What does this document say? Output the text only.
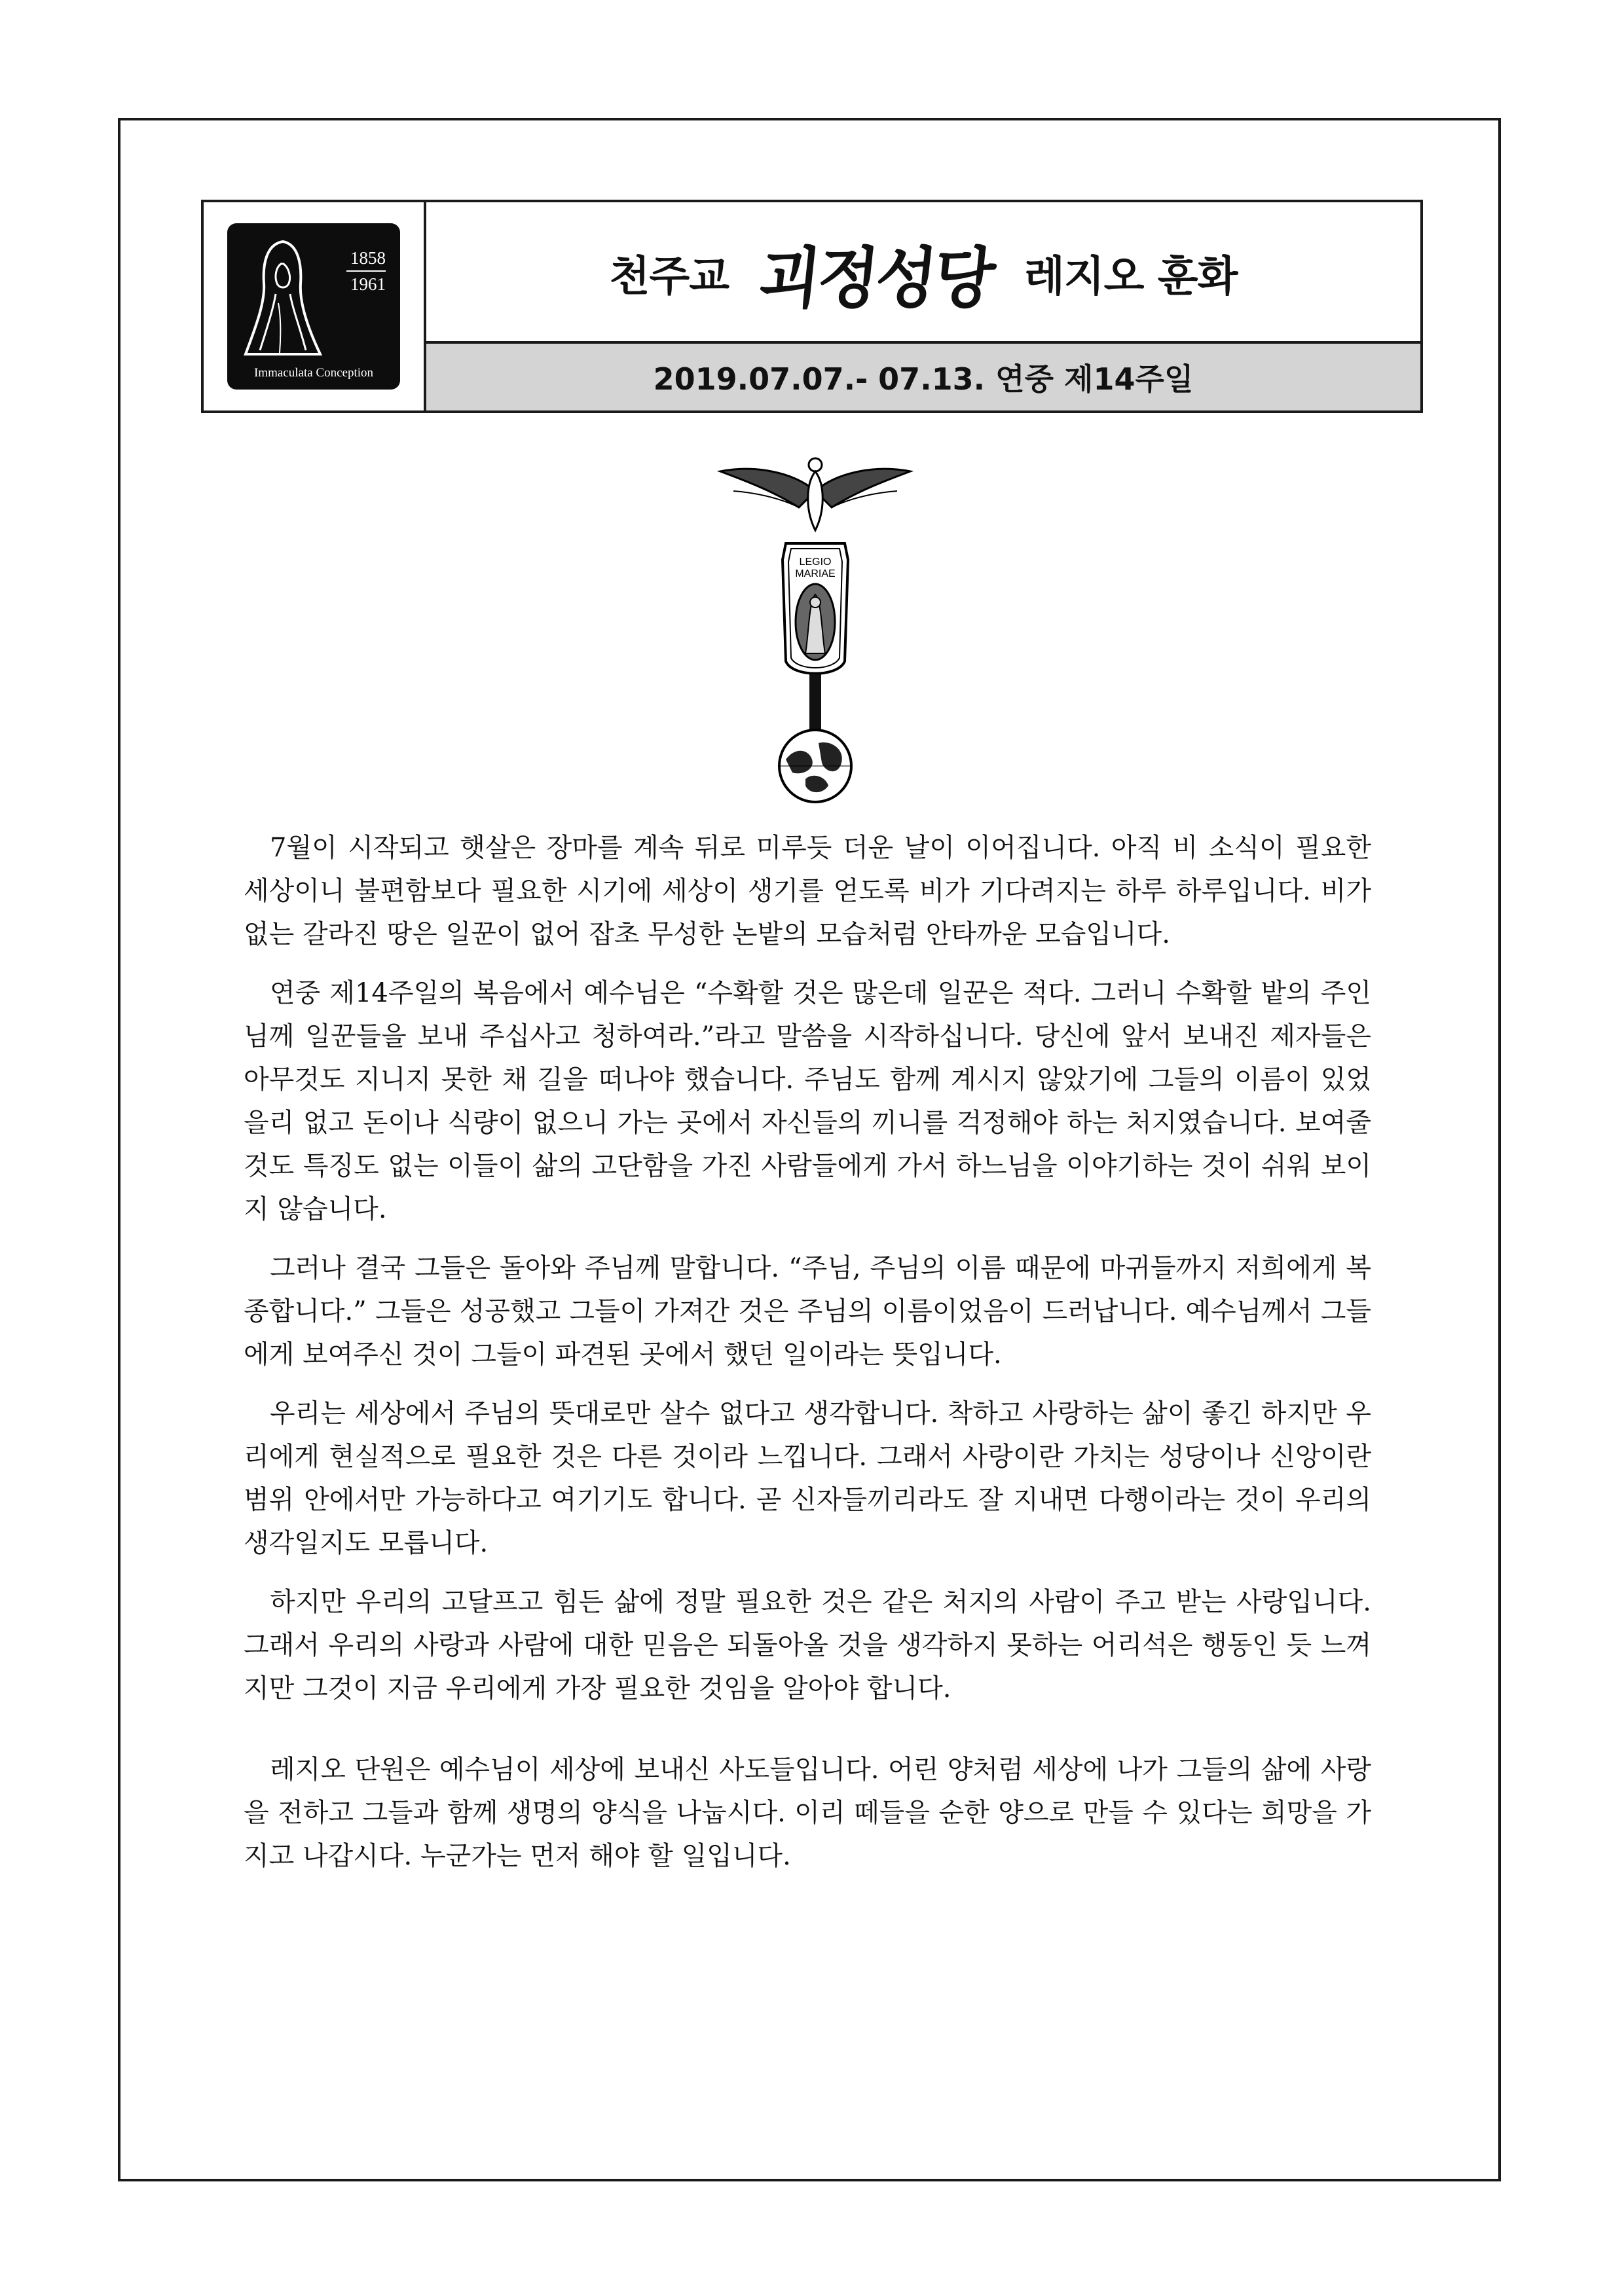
1858
1961
Immaculata Conception
천주교 괴정성당 레지오 훈화
2019.07.07.- 07.13. 연중 제14주일
LEGIO
MARIAE

7월이 시작되고 햇살은 장마를 계속 뒤로 미루듯 더운 날이 이어집니다. 아직 비 소식이 필요한 세상이니 불편함보다 필요한 시기에 세상이 생기를 얻도록 비가 기다려지는 하루 하루입니다. 비가 없는 갈라진 땅은 일꾼이 없어 잡초 무성한 논밭의 모습처럼 안타까운 모습입니다.

연중 제14주일의 복음에서 예수님은 “수확할 것은 많은데 일꾼은 적다. 그러니 수확할 밭의 주인님께 일꾼들을 보내 주십사고 청하여라.”라고 말씀을 시작하십니다. 당신에 앞서 보내진 제자들은 아무것도 지니지 못한 채 길을 떠나야 했습니다. 주님도 함께 계시지 않았기에 그들의 이름이 있었을리 없고 돈이나 식량이 없으니 가는 곳에서 자신들의 끼니를 걱정해야 하는 처지였습니다. 보여줄 것도 특징도 없는 이들이 삶의 고단함을 가진 사람들에게 가서 하느님을 이야기하는 것이 쉬워 보이지 않습니다.

그러나 결국 그들은 돌아와 주님께 말합니다. “주님, 주님의 이름 때문에 마귀들까지 저희에게 복종합니다.” 그들은 성공했고 그들이 가져간 것은 주님의 이름이었음이 드러납니다. 예수님께서 그들에게 보여주신 것이 그들이 파견된 곳에서 했던 일이라는 뜻입니다.

우리는 세상에서 주님의 뜻대로만 살수 없다고 생각합니다. 착하고 사랑하는 삶이 좋긴 하지만 우리에게 현실적으로 필요한 것은 다른 것이라 느낍니다. 그래서 사랑이란 가치는 성당이나 신앙이란 범위 안에서만 가능하다고 여기기도 합니다. 곧 신자들끼리라도 잘 지내면 다행이라는 것이 우리의 생각일지도 모릅니다.

하지만 우리의 고달프고 힘든 삶에 정말 필요한 것은 같은 처지의 사람이 주고 받는 사랑입니다. 그래서 우리의 사랑과 사람에 대한 믿음은 되돌아올 것을 생각하지 못하는 어리석은 행동인 듯 느껴지만 그것이 지금 우리에게 가장 필요한 것임을 알아야 합니다.

레지오 단원은 예수님이 세상에 보내신 사도들입니다. 어린 양처럼 세상에 나가 그들의 삶에 사랑을 전하고 그들과 함께 생명의 양식을 나눕시다. 이리 떼들을 순한 양으로 만들 수 있다는 희망을 가지고 나갑시다. 누군가는 먼저 해야 할 일입니다.
